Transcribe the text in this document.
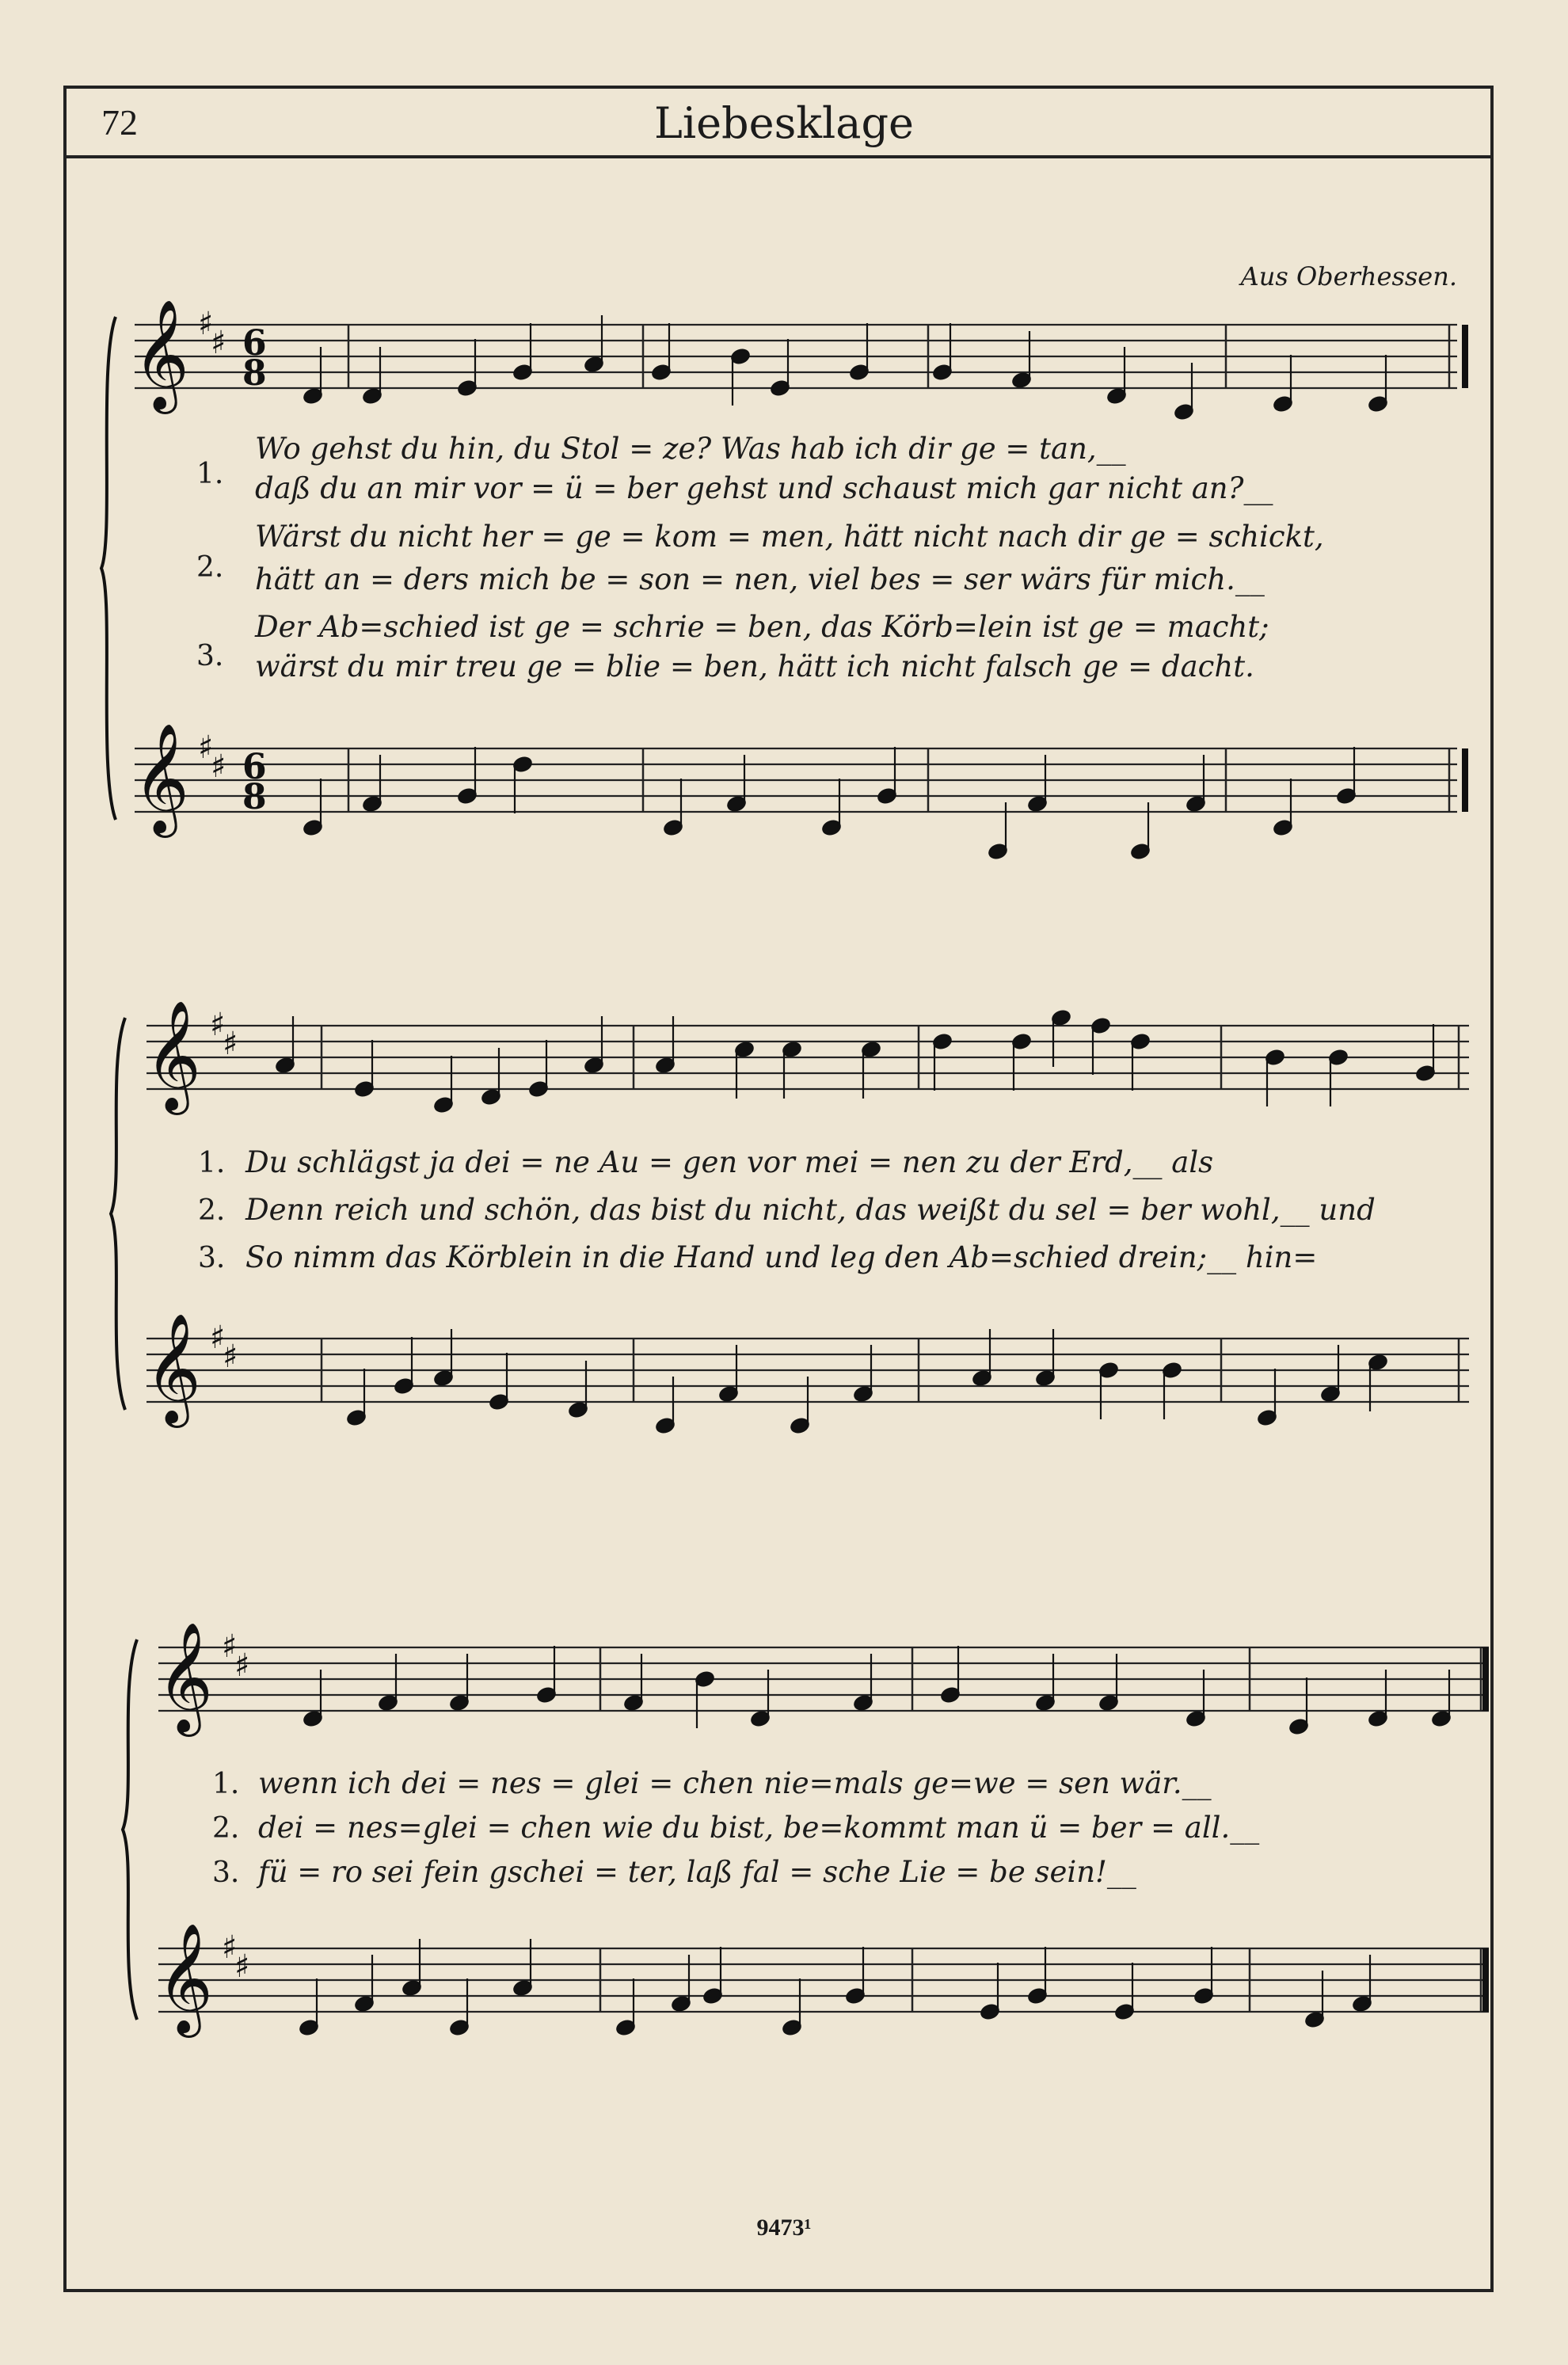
72	Liebesklage
Aus Oberhessen.
𝄞
𝄞
♯
♯
♯
♯
6
8
6
8
𝄞
𝄞
♯
♯
♯
♯
𝄞
𝄞
♯
♯
♯
♯
1.
Wo gehst du hin, du Stol = ze? Was hab ich dir ge = tan,__
daß du an mir vor = ü = ber gehst und schaust mich gar nicht an?__
2.
Wärst du nicht her = ge = kom = men, hätt nicht nach dir ge = schickt,
hätt an = ders mich be = son = nen, viel bes = ser wärs für mich.__
3.
Der Ab=schied ist ge = schrie = ben, das Körb=lein ist ge = macht;
wärst du mir treu ge = blie = ben, hätt ich nicht falsch ge = dacht.
1. Du schlägst ja dei = ne Au = gen vor mei = nen zu der Erd,__ als
2. Denn reich und schön, das bist du nicht, das weißt du sel = ber wohl,__ und
3. So nimm das Körblein in die Hand und leg den Ab=schied drein;__ hin=
1. wenn ich dei = nes = glei = chen nie=mals ge=we = sen wär.__
2. dei = nes=glei = chen wie du bist, be=kommt man ü = ber = all.__
3. fü = ro sei fein gschei = ter, laß fal = sche Lie = be sein!__
9473¹
